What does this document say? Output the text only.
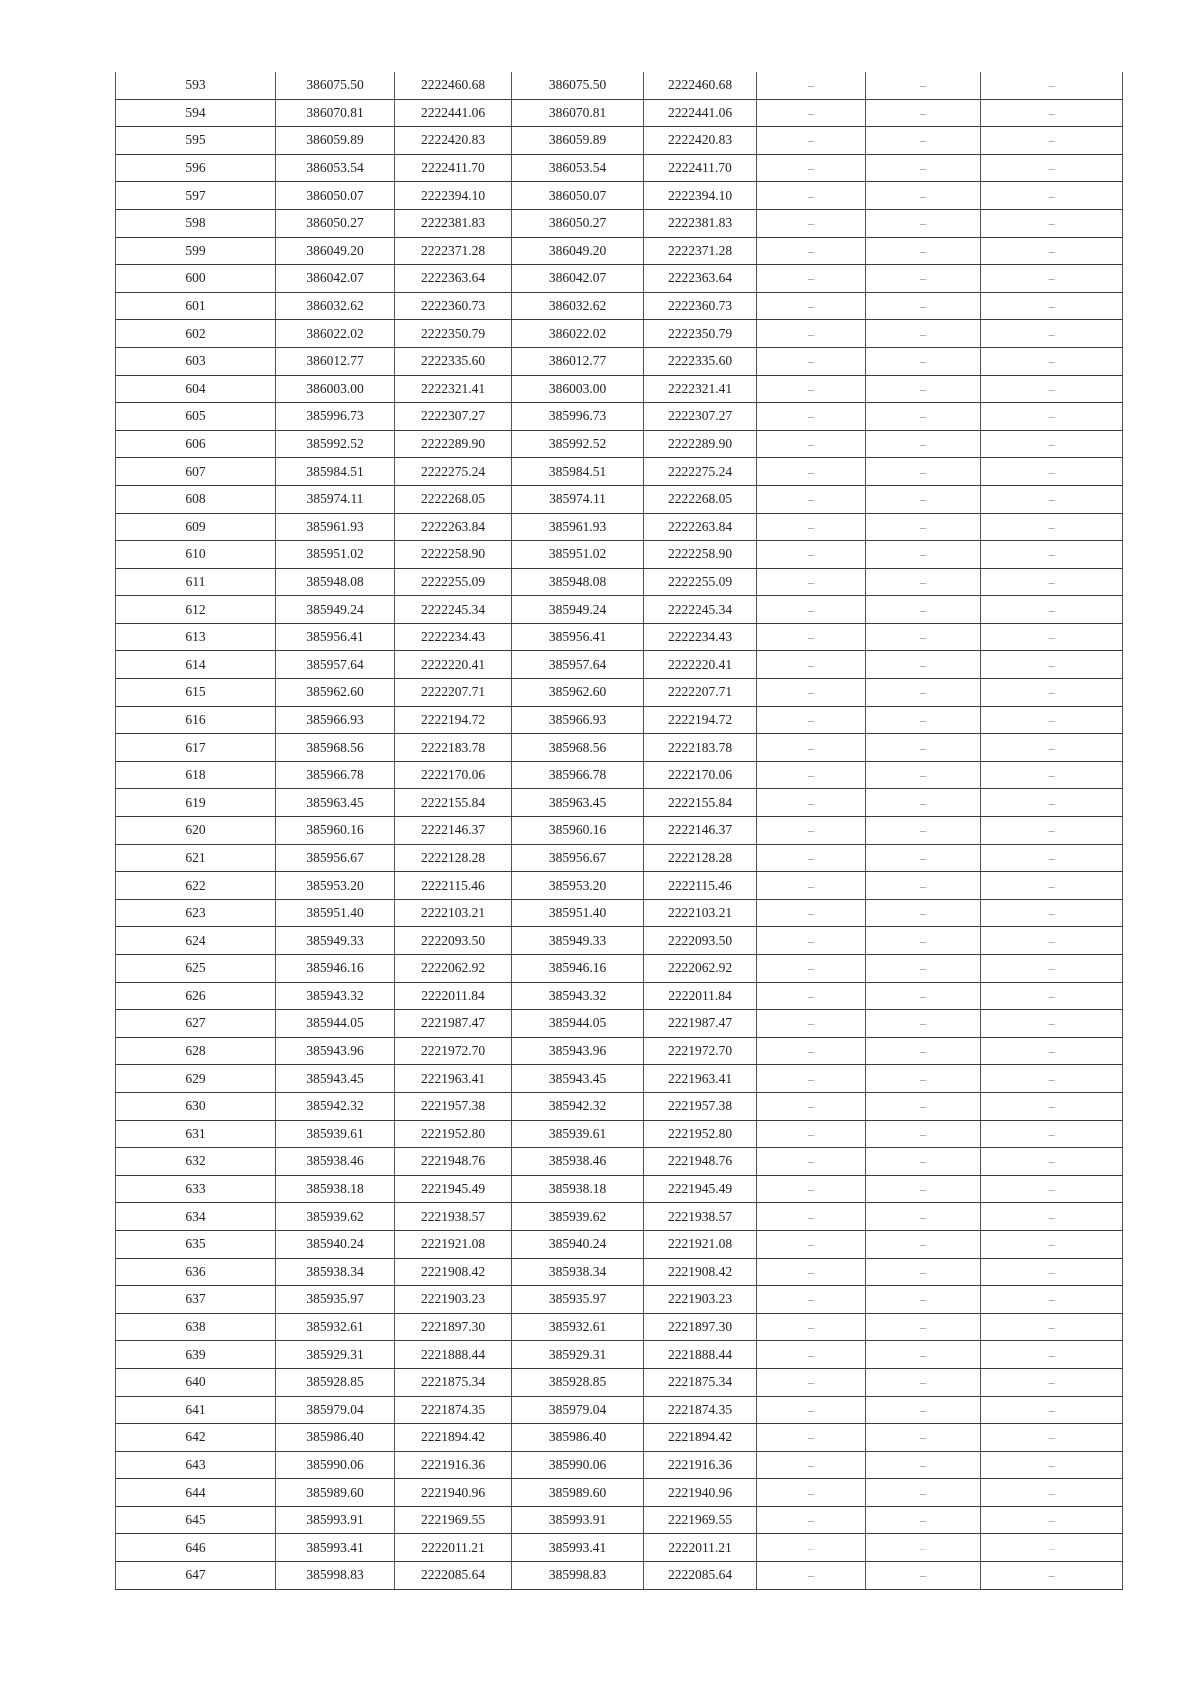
593	386075.50	2222460.68	386075.50	2222460.68	–	–	–
594	386070.81	2222441.06	386070.81	2222441.06	–	–	–
595	386059.89	2222420.83	386059.89	2222420.83	–	–	–
596	386053.54	2222411.70	386053.54	2222411.70	–	–	–
597	386050.07	2222394.10	386050.07	2222394.10	–	–	–
598	386050.27	2222381.83	386050.27	2222381.83	–	–	–
599	386049.20	2222371.28	386049.20	2222371.28	–	–	–
600	386042.07	2222363.64	386042.07	2222363.64	–	–	–
601	386032.62	2222360.73	386032.62	2222360.73	–	–	–
602	386022.02	2222350.79	386022.02	2222350.79	–	–	–
603	386012.77	2222335.60	386012.77	2222335.60	–	–	–
604	386003.00	2222321.41	386003.00	2222321.41	–	–	–
605	385996.73	2222307.27	385996.73	2222307.27	–	–	–
606	385992.52	2222289.90	385992.52	2222289.90	–	–	–
607	385984.51	2222275.24	385984.51	2222275.24	–	–	–
608	385974.11	2222268.05	385974.11	2222268.05	–	–	–
609	385961.93	2222263.84	385961.93	2222263.84	–	–	–
610	385951.02	2222258.90	385951.02	2222258.90	–	–	–
611	385948.08	2222255.09	385948.08	2222255.09	–	–	–
612	385949.24	2222245.34	385949.24	2222245.34	–	–	–
613	385956.41	2222234.43	385956.41	2222234.43	–	–	–
614	385957.64	2222220.41	385957.64	2222220.41	–	–	–
615	385962.60	2222207.71	385962.60	2222207.71	–	–	–
616	385966.93	2222194.72	385966.93	2222194.72	–	–	–
617	385968.56	2222183.78	385968.56	2222183.78	–	–	–
618	385966.78	2222170.06	385966.78	2222170.06	–	–	–
619	385963.45	2222155.84	385963.45	2222155.84	–	–	–
620	385960.16	2222146.37	385960.16	2222146.37	–	–	–
621	385956.67	2222128.28	385956.67	2222128.28	–	–	–
622	385953.20	2222115.46	385953.20	2222115.46	–	–	–
623	385951.40	2222103.21	385951.40	2222103.21	–	–	–
624	385949.33	2222093.50	385949.33	2222093.50	–	–	–
625	385946.16	2222062.92	385946.16	2222062.92	–	–	–
626	385943.32	2222011.84	385943.32	2222011.84	–	–	–
627	385944.05	2221987.47	385944.05	2221987.47	–	–	–
628	385943.96	2221972.70	385943.96	2221972.70	–	–	–
629	385943.45	2221963.41	385943.45	2221963.41	–	–	–
630	385942.32	2221957.38	385942.32	2221957.38	–	–	–
631	385939.61	2221952.80	385939.61	2221952.80	–	–	–
632	385938.46	2221948.76	385938.46	2221948.76	–	–	–
633	385938.18	2221945.49	385938.18	2221945.49	–	–	–
634	385939.62	2221938.57	385939.62	2221938.57	–	–	–
635	385940.24	2221921.08	385940.24	2221921.08	–	–	–
636	385938.34	2221908.42	385938.34	2221908.42	–	–	–
637	385935.97	2221903.23	385935.97	2221903.23	–	–	–
638	385932.61	2221897.30	385932.61	2221897.30	–	–	–
639	385929.31	2221888.44	385929.31	2221888.44	–	–	–
640	385928.85	2221875.34	385928.85	2221875.34	–	–	–
641	385979.04	2221874.35	385979.04	2221874.35	–	–	–
642	385986.40	2221894.42	385986.40	2221894.42	–	–	–
643	385990.06	2221916.36	385990.06	2221916.36	–	–	–
644	385989.60	2221940.96	385989.60	2221940.96	–	–	–
645	385993.91	2221969.55	385993.91	2221969.55	–	–	–
646	385993.41	2222011.21	385993.41	2222011.21	–	–	–
647	385998.83	2222085.64	385998.83	2222085.64	–	–	–
